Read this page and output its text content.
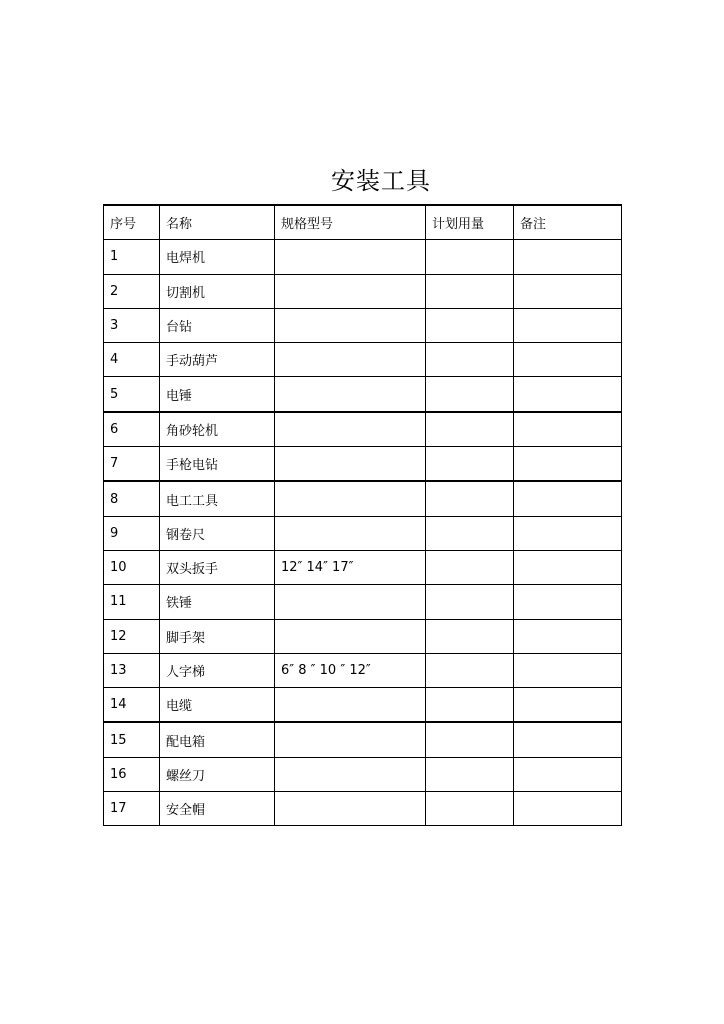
安装工具
序号	名称	规格型号	计划用量	备注
1	电焊机			
2	切割机			
3	台钻			
4	手动葫芦			
5	电锤			
6	角砂轮机			
7	手枪电钻			
8	电工工具			
9	钢卷尺			
10	双头扳手	12″ 14″ 17″		
11	铁锤			
12	脚手架			
13	人字梯	6″ 8 ″ 10 ″ 12″		
14	电缆			
15	配电箱			
16	螺丝刀			
17	安全帽			
